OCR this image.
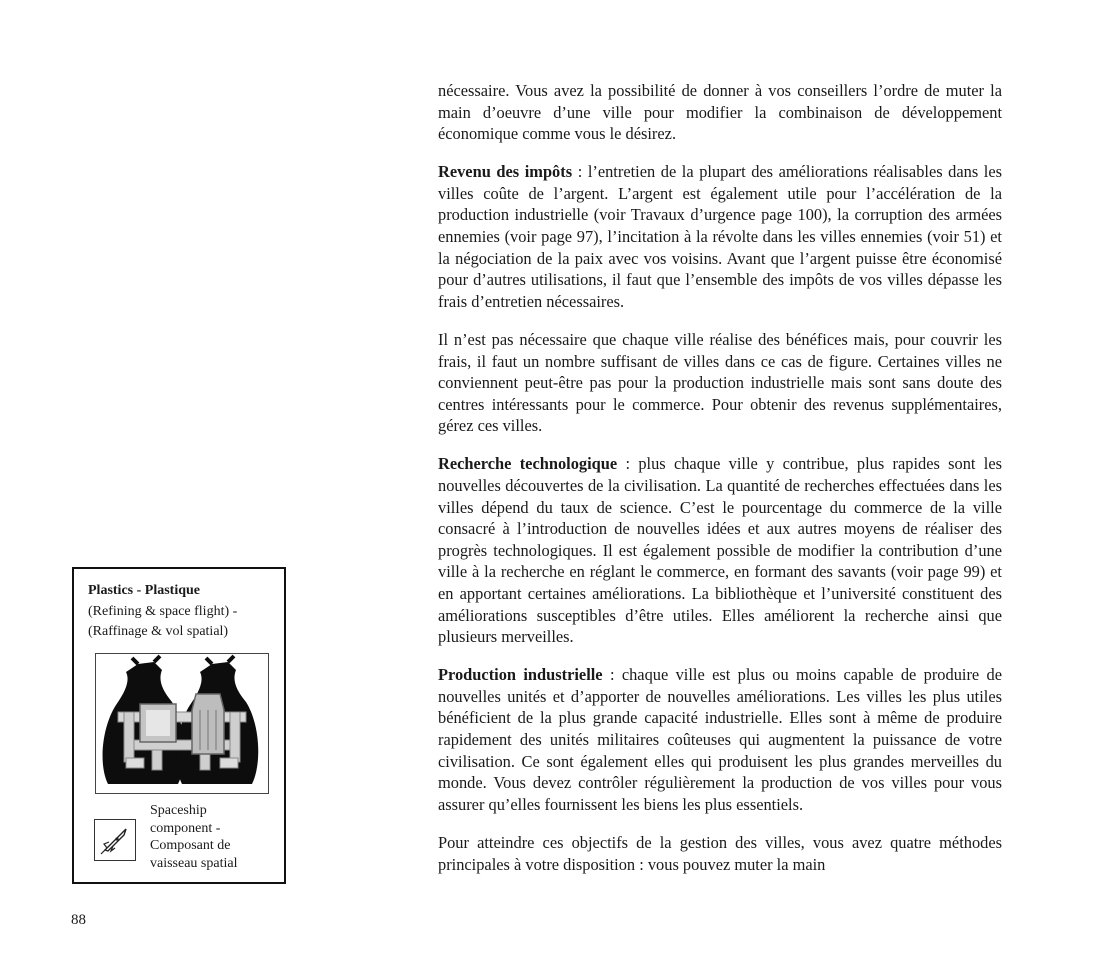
nécessaire. Vous avez la possibilité de donner à vos conseillers l’ordre de muter la main d’oeuvre d’une ville pour modifier la combinaison de développement économique comme vous le désirez.

Revenu des impôts : l’entretien de la plupart des améliorations réalisables dans les villes coûte de l’argent. L’argent est également utile pour l’accélération de la production industrielle (voir Travaux d’urgence page 100), la corruption des armées ennemies (voir page 97), l’incitation à la révolte dans les villes ennemies (voir 51) et la négociation de la paix avec vos voisins. Avant que l’argent puisse être économisé pour d’autres utilisations, il faut que l’ensemble des impôts de vos villes dépasse les frais d’entretien nécessaires.

Il n’est pas nécessaire que chaque ville réalise des bénéfices mais, pour couvrir les frais, il faut un nombre suffisant de villes dans ce cas de figure. Certaines villes ne conviennent peut-être pas pour la production industrielle mais sont sans doute des centres intéressants pour le commerce. Pour obtenir des revenus supplémentaires, gérez ces villes.

Recherche technologique : plus chaque ville y contribue, plus rapides sont les nouvelles découvertes de la civilisation. La quantité de recherches effectuées dans les villes dépend du taux de science. C’est le pourcentage du commerce de la ville consacré à l’introduction de nouvelles idées et aux autres moyens de réaliser des progrès technologiques. Il est également possible de modifier la contribution d’une ville à la recherche en réglant le commerce, en formant des savants (voir page 99) et en apportant certaines améliorations. La bibliothèque et l’université constituent des améliorations susceptibles d’être utiles. Elles améliorent la recherche ainsi que plusieurs merveilles.

Production industrielle : chaque ville est plus ou moins capable de produire de nouvelles unités et d’apporter de nouvelles améliorations. Les villes les plus utiles bénéficient de la plus grande capacité industrielle. Elles sont à même de produire rapidement des unités militaires coûteuses qui augmentent la puissance de votre civilisation. Ce sont également elles qui produisent les plus grandes merveilles du monde. Vous devez contrôler régulièrement la production de vos villes pour vous assurer qu’elles fournissent les biens les plus essentiels.

Pour atteindre ces objectifs de la gestion des villes, vous avez quatre méthodes principales à votre disposition : vous pouvez muter la main

Plastics - Plastique
(Refining & space flight) -
(Raffinage & vol spatial)
Spaceship
component -
Composant de
vaisseau spatial
88
